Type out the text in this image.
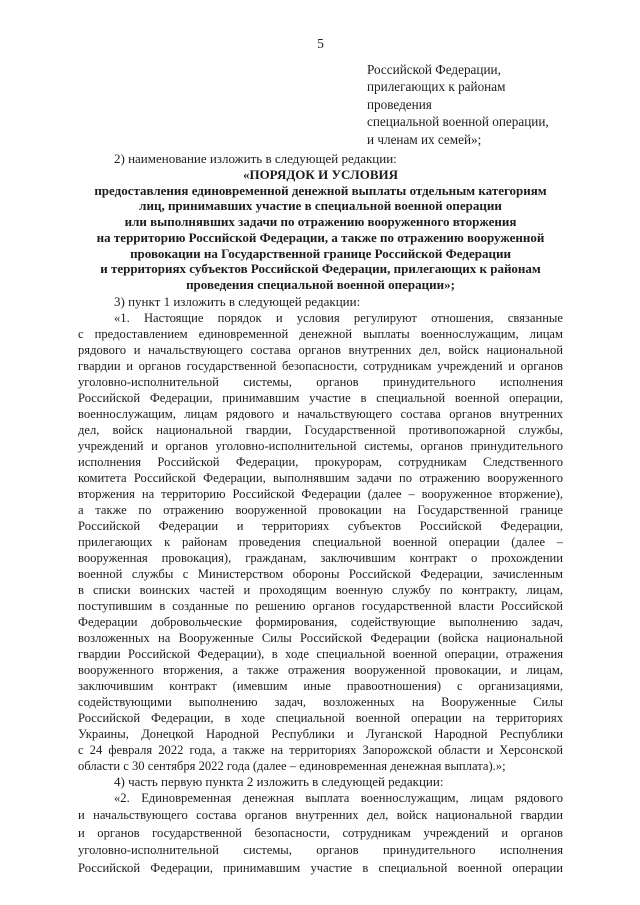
5
Российской Федерации,
прилегающих к районам проведения
специальной военной операции,
и членам их семей»;
2) наименование изложить в следующей редакции:
«ПОРЯДОК И УСЛОВИЯ
предоставления единовременной денежной выплаты отдельным категориям
лиц, принимавших участие в специальной военной операции
или выполнявших задачи по отражению вооруженного вторжения
на территорию Российской Федерации, а также по отражению вооруженной
провокации на Государственной границе Российской Федерации
и территориях субъектов Российской Федерации, прилегающих к районам
проведения специальной военной операции»;
3) пункт 1 изложить в следующей редакции:
«1. Настоящие порядок и условия регулируют отношения, связанные
с предоставлением единовременной денежной выплаты военнослужащим, лицам
рядового и начальствующего состава органов внутренних дел, войск национальной
гвардии и органов государственной безопасности, сотрудникам учреждений и органов
уголовно-исполнительной системы, органов принудительного исполнения
Российской Федерации, принимавшим участие в специальной военной операции,
военнослужащим, лицам рядового и начальствующего состава органов внутренних
дел, войск национальной гвардии, Государственной противопожарной службы,
учреждений и органов уголовно-исполнительной системы, органов принудительного
исполнения Российской Федерации, прокурорам, сотрудникам Следственного
комитета Российской Федерации, выполнявшим задачи по отражению вооруженного
вторжения на территорию Российской Федерации (далее – вооруженное вторжение),
а также по отражению вооруженной провокации на Государственной границе
Российской Федерации и территориях субъектов Российской Федерации,
прилегающих к районам проведения специальной военной операции (далее –
вооруженная провокация), гражданам, заключившим контракт о прохождении
военной службы с Министерством обороны Российской Федерации, зачисленным
в списки воинских частей и проходящим военную службу по контракту, лицам,
поступившим в созданные по решению органов государственной власти Российской
Федерации добровольческие формирования, содействующие выполнению задач,
возложенных на Вооруженные Силы Российской Федерации (войска национальной
гвардии Российской Федерации), в ходе специальной военной операции, отражения
вооруженного вторжения, а также отражения вооруженной провокации, и лицам,
заключившим контракт (имевшим иные правоотношения) с организациями,
содействующими выполнению задач, возложенных на Вооруженные Силы
Российской Федерации, в ходе специальной военной операции на территориях
Украины, Донецкой Народной Республики и Луганской Народной Республики
с 24 февраля 2022 года, а также на территориях Запорожской области и Херсонской
области с 30 сентября 2022 года (далее – единовременная денежная выплата).»;
4) часть первую пункта 2 изложить в следующей редакции:
«2. Единовременная денежная выплата военнослужащим, лицам рядового
и начальствующего состава органов внутренних дел, войск национальной гвардии
и органов государственной безопасности, сотрудникам учреждений и органов
уголовно-исполнительной системы, органов принудительного исполнения
Российской Федерации, принимавшим участие в специальной военной операции
